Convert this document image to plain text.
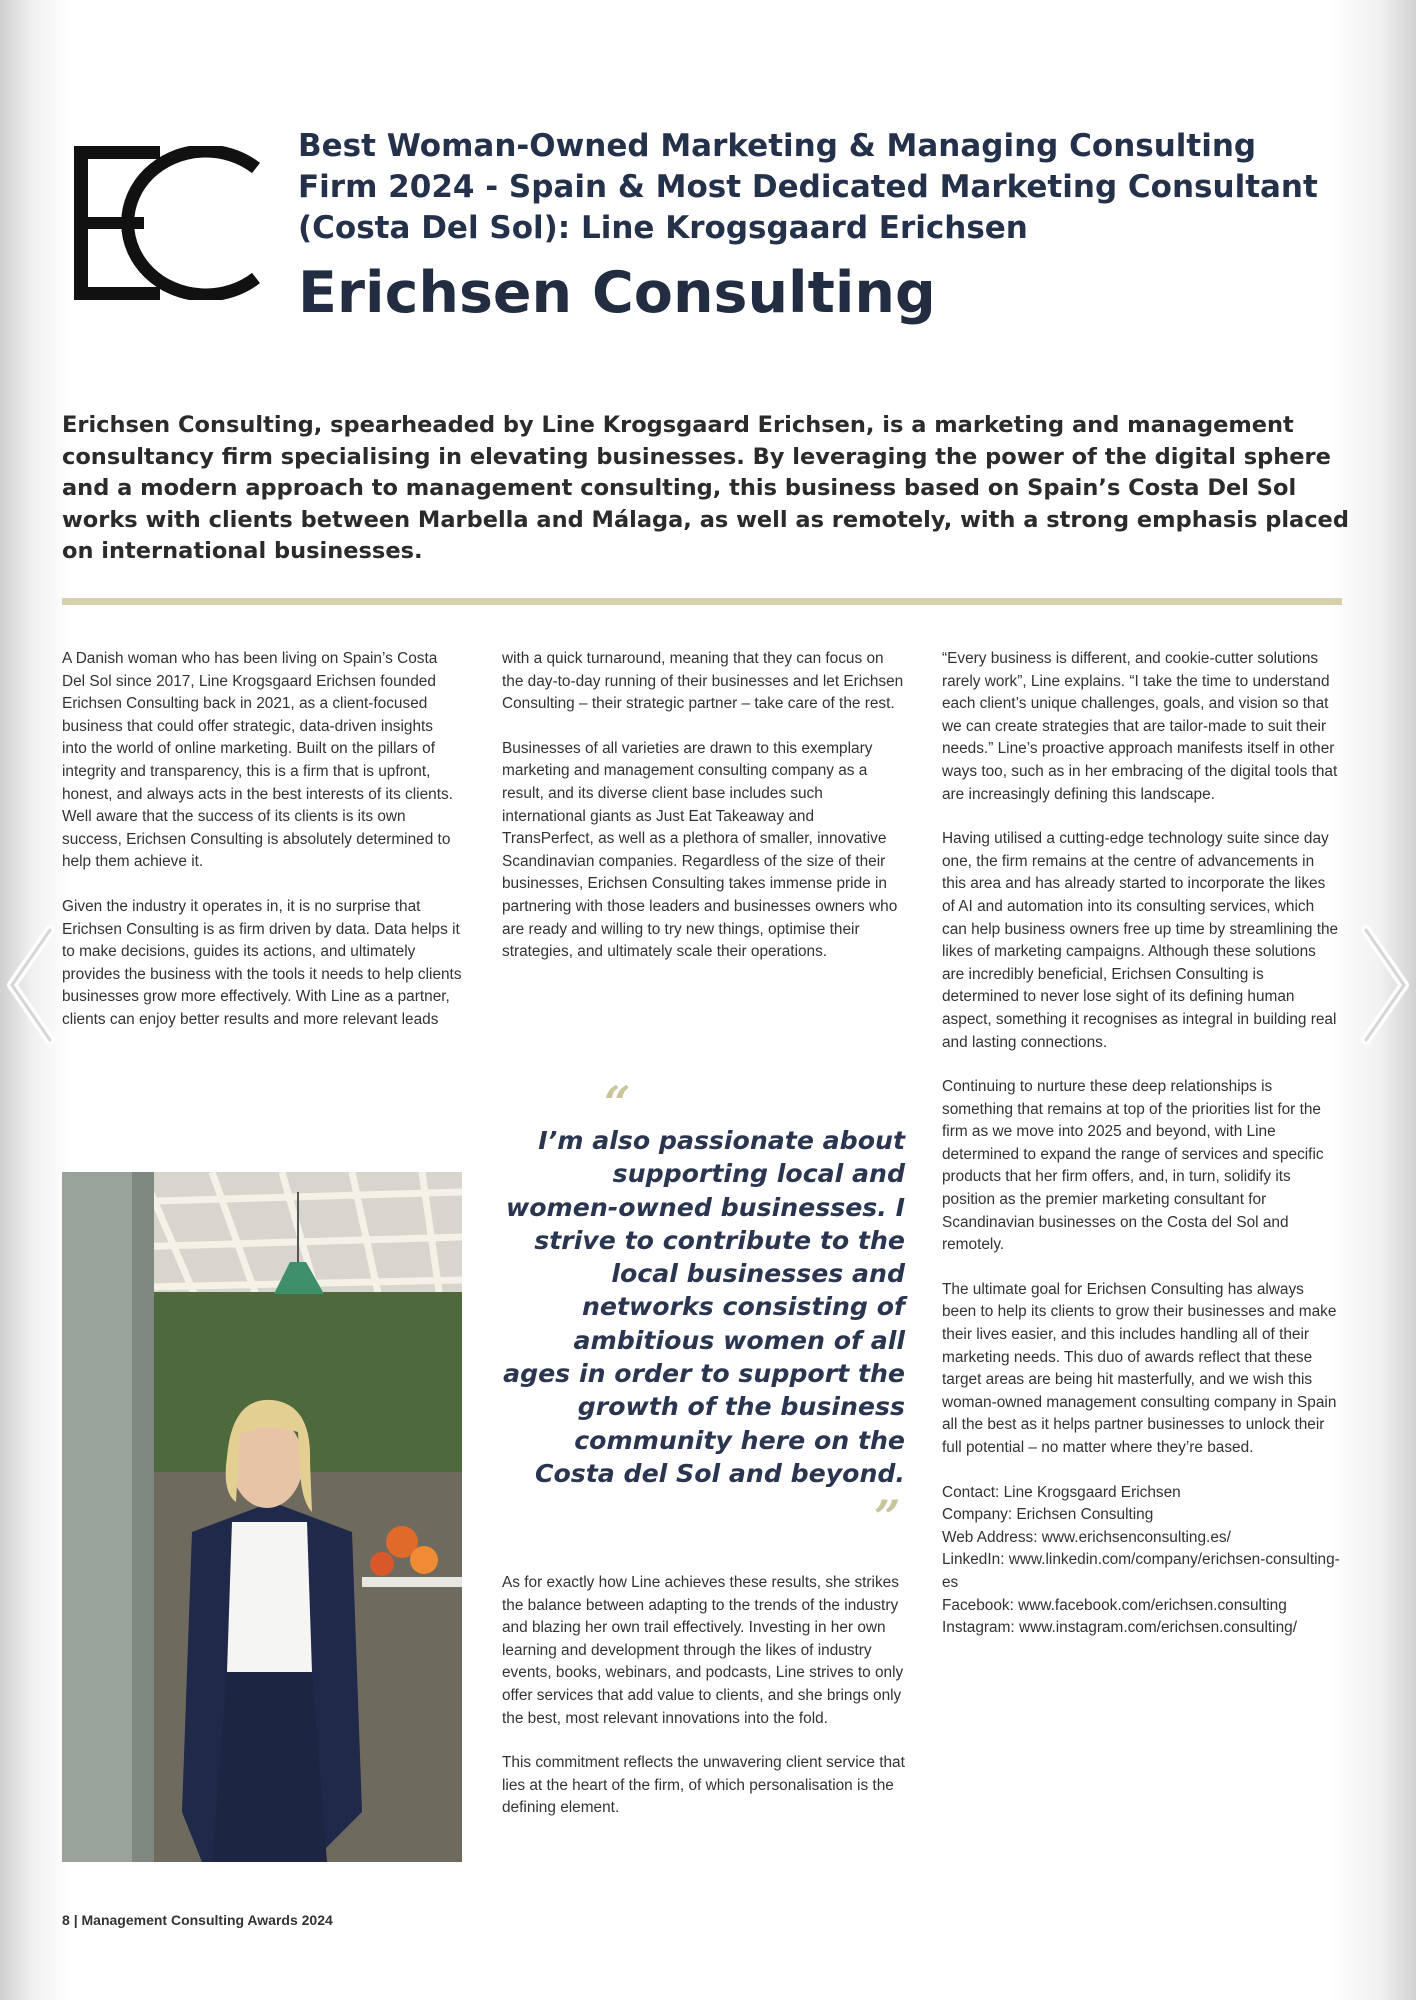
Best Woman-Owned Marketing & Managing Consulting Firm 2024 - Spain & Most Dedicated Marketing Consultant (Costa Del Sol): Line Krogsgaard Erichsen
Erichsen Consulting
Erichsen Consulting, spearheaded by Line Krogsgaard Erichsen, is a marketing and management consultancy firm specialising in elevating businesses. By leveraging the power of the digital sphere and a modern approach to management consulting, this business based on Spain’s Costa Del Sol works with clients between Marbella and Málaga, as well as remotely, with a strong emphasis placed on international businesses.

A Danish woman who has been living on Spain’s Costa Del Sol since 2017, Line Krogsgaard Erichsen founded Erichsen Consulting back in 2021, as a client-focused business that could offer strategic, data-driven insights into the world of online marketing. Built on the pillars of integrity and transparency, this is a firm that is upfront, honest, and always acts in the best interests of its clients. Well aware that the success of its clients is its own success, Erichsen Consulting is absolutely determined to help them achieve it.

Given the industry it operates in, it is no surprise that Erichsen Consulting is as firm driven by data. Data helps it to make decisions, guides its actions, and ultimately provides the business with the tools it needs to help clients businesses grow more effectively. With Line as a partner, clients can enjoy better results and more relevant leads

with a quick turnaround, meaning that they can focus on the day-to-day running of their businesses and let Erichsen Consulting – their strategic partner – take care of the rest.

Businesses of all varieties are drawn to this exemplary marketing and management consulting company as a result, and its diverse client base includes such international giants as Just Eat Takeaway and TransPerfect, as well as a plethora of smaller, innovative Scandinavian companies. Regardless of the size of their businesses, Erichsen Consulting takes immense pride in partnering with those leaders and businesses owners who are ready and willing to try new things, optimise their strategies, and ultimately scale their operations.

“
I’m also passionate about supporting local and women-owned businesses. I strive to contribute to the local businesses and networks consisting of ambitious women of all ages in order to support the growth of the business community here on the Costa del Sol and beyond.
”

As for exactly how Line achieves these results, she strikes the balance between adapting to the trends of the industry and blazing her own trail effectively. Investing in her own learning and development through the likes of industry events, books, webinars, and podcasts, Line strives to only offer services that add value to clients, and she brings only the best, most relevant innovations into the fold.

This commitment reflects the unwavering client service that lies at the heart of the firm, of which personalisation is the defining element.

“Every business is different, and cookie-cutter solutions rarely work”, Line explains. “I take the time to understand each client’s unique challenges, goals, and vision so that we can create strategies that are tailor-made to suit their needs.” Line’s proactive approach manifests itself in other ways too, such as in her embracing of the digital tools that are increasingly defining this landscape.

Having utilised a cutting-edge technology suite since day one, the firm remains at the centre of advancements in this area and has already started to incorporate the likes of AI and automation into its consulting services, which can help business owners free up time by streamlining the likes of marketing campaigns. Although these solutions are incredibly beneficial, Erichsen Consulting is determined to never lose sight of its defining human aspect, something it recognises as integral in building real and lasting connections.

Continuing to nurture these deep relationships is something that remains at top of the priorities list for the firm as we move into 2025 and beyond, with Line determined to expand the range of services and specific products that her firm offers, and, in turn, solidify its position as the premier marketing consultant for Scandinavian businesses on the Costa del Sol and remotely.

The ultimate goal for Erichsen Consulting has always been to help its clients to grow their businesses and make their lives easier, and this includes handling all of their marketing needs. This duo of awards reflect that these target areas are being hit masterfully, and we wish this woman-owned management consulting company in Spain all the best as it helps partner businesses to unlock their full potential – no matter where they’re based.

Contact: Line Krogsgaard Erichsen
Company: Erichsen Consulting
Web Address: www.erichsenconsulting.es/
LinkedIn: www.linkedin.com/company/erichsen-consulting-es
Facebook: www.facebook.com/erichsen.consulting
Instagram: www.instagram.com/erichsen.consulting/
8 | Management Consulting Awards 2024
